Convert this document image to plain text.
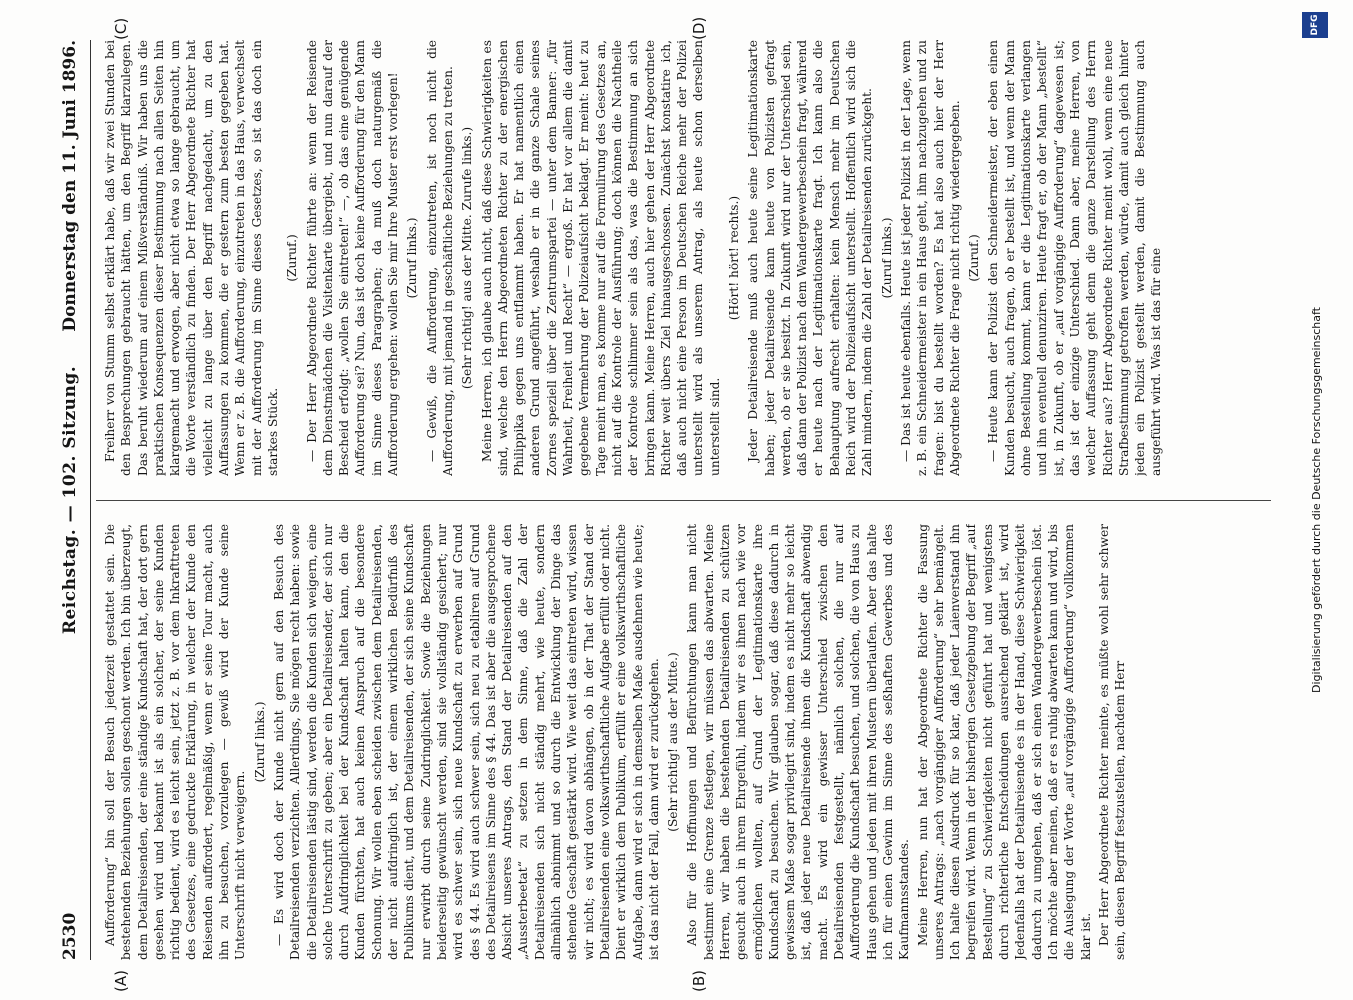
2530
Reichstag. — 102. Sitzung.
Donnerstag den 11. Juni 1896.
(A)	(B)
(C)	(D)

Aufforderung“ bin soll der Besuch jederzeit gestattet sein. Die bestehenden Beziehungen sollen geschont werden. Ich bin überzeugt, dem Detailreisenden, der eine ständige Kundschaft hat, der dort gern gesehen wird und bekannt ist als ein solcher, der seine Kunden richtig bedient, wird es leicht sein, jetzt z. B. vor dem Inkrafttreten des Gesetzes, eine gedruckte Erklärung, in welcher der Kunde den Reisenden auffordert, regelmäßig, wenn er seine Tour macht, auch ihn zu besuchen, vorzulegen — gewiß wird der Kunde seine Unterschrift nicht verweigern.

(Zuruf links.) — Es wird doch der Kunde nicht gern auf den Besuch des Detailreisenden verzichten. Allerdings, Sie mögen recht haben: sowie die Detailreisenden lästig sind, werden die Kunden sich weigern, eine solche Unterschrift zu geben; aber ein Detailreisender, der sich nur durch Aufdringlichkeit bei der Kundschaft halten kann, den die Kunden fürchten, hat auch keinen Anspruch auf die besondere Schonung. Wir wollen eben scheiden zwischen dem Detailreisenden, der nicht aufdringlich ist, der einem wirklichen Bedürfniß des Publikums dient, und dem Detailreisenden, der sich seine Kundschaft nur erwirbt durch seine Zudringlichkeit. Sowie die Beziehungen beiderseitig gewünscht werden, sind sie vollständig gesichert; nur wird es schwer sein, sich neue Kundschaft zu erwerben auf Grund des § 44. Es wird auch schwer sein, sich neu zu etabliren auf Grund des Detailreisens im Sinne des § 44. Das ist aber die ausgesprochene Absicht unseres Antrags, den Stand der Detailreisenden auf den „Aussterbeetat“ zu setzen in dem Sinne, daß die Zahl der Detailreisenden sich nicht ständig mehrt, wie heute, sondern allmählich abnimmt und so durch die Entwicklung der Dinge das stehende Geschäft gestärkt wird. Wie weit das eintreten wird, wissen wir nicht; es wird davon abhängen, ob in der That der Stand der Detailreisenden eine volkswirthschaftliche Aufgabe erfüllt oder nicht. Dient er wirklich dem Publikum, erfüllt er eine volkswirthschaftliche Aufgabe, dann wird er sich in demselben Maße ausdehnen wie heute; ist das nicht der Fall, dann wird er zurückgehen. (Sehr richtig! aus der Mitte.) Also für die Hoffnungen und Befürchtungen kann man nicht bestimmt eine Grenze festlegen, wir müssen das abwarten. Meine Herren, wir haben die bestehenden Detailreisenden zu schützen gesucht auch in ihrem Ehrgefühl, indem wir es ihnen nach wie vor ermöglichen wollten, auf Grund der Legitimationskarte ihre Kundschaft zu besuchen. Wir glauben sogar, daß diese dadurch in gewissem Maße sogar privilegirt sind, indem es nicht mehr so leicht ist, daß jeder neue Detailreisende ihnen die Kundschaft abwendig macht. Es wird ein gewisser Unterschied zwischen den Detailreisenden festgestellt, nämlich solchen, die nur auf Aufforderung die Kundschaft besuchen, und solchen, die von Haus zu Haus gehen und jeden mit ihren Mustern überlaufen. Aber das halte ich für einen Gewinn im Sinne des seßhaften Gewerbes und des Kaufmannsstandes. Meine Herren, nun hat der Abgeordnete Richter die Fassung unseres Antrags: „nach vorgängiger Aufforderung“ sehr bemängelt. Ich halte diesen Ausdruck für so klar, daß jeder Laienverstand ihn begreifen wird. Wenn in der bisherigen Gesetzgebung der Begriff „auf Bestellung“ zu Schwierigkeiten nicht geführt hat und wenigstens durch richterliche Entscheidungen ausreichend geklärt ist, wird Jedenfalls hat der Detailreisende es in der Hand, diese Schwierigkeit dadurch zu umgehen, daß er sich einen Wandergewerbeschein löst. Ich möchte aber meinen, daß er es ruhig abwarten kann und wird, bis die Auslegung der Worte „auf vorgängige Aufforderung“ vollkommen klar ist. Der Herr Abgeordnete Richter meinte, es müßte wohl sehr schwer sein, diesen Begriff festzustellen, nachdem Herr

Freiherr von Stumm selbst erklärt habe, daß wir zwei Stunden bei den Besprechungen gebraucht hätten, um den Begriff klarzulegen. Das beruht wiederum auf einem Mißverständniß. Wir haben uns die praktischen Konsequenzen dieser Bestimmung nach allen Seiten hin klargemacht und erwogen, aber nicht etwa so lange gebraucht, um die Worte verständlich zu finden. Der Herr Abgeordnete Richter hat vielleicht zu lange über den Begriff nachgedacht, um zu den Auffassungen zu kommen, die er gestern zum besten gegeben hat. Wenn er z. B. die Aufforderung, einzutreten in das Haus, verwechselt mit der Aufforderung im Sinne dieses Gesetzes, so ist das doch ein starkes Stück.

(Zuruf.) — Der Herr Abgeordnete Richter führte an: wenn der Reisende dem Dienstmädchen die Visitenkarte übergiebt, und nun darauf der Bescheid erfolgt: „wollen Sie eintreten!“ —, ob das eine genügende Aufforderung sei? Nun, das ist doch keine Aufforderung für den Mann im Sinne dieses Paragraphen; da muß doch naturgemäß die Aufforderung ergehen: wollen Sie mir Ihre Muster erst vorlegen! (Zuruf links.) — Gewiß, die Aufforderung, einzutreten, ist noch nicht die Aufforderung, mit jemand in geschäftliche Beziehungen zu treten. (Sehr richtig! aus der Mitte. Zurufe links.) Meine Herren, ich glaube auch nicht, daß diese Schwierigkeiten es sind, welche den Herrn Abgeordneten Richter zu der energischen Philippika gegen uns entflammt haben. Er hat namentlich einen anderen Grund angeführt, weshalb er in die ganze Schale seines Zornes speziell über die Zentrumspartei — unter dem Banner: „für Wahrheit, Freiheit und Recht“ — ergoß. Er hat vor allem die damit gegebene Vermehrung der Polizeiaufsicht beklagt. Er meint: heut zu Tage meint man, es komme nur auf die Formulirung des Gesetzes an, nicht auf die Kontrole der Ausführung; doch können die Nachtheile der Kontrole schlimmer sein als das, was die Bestimmung an sich bringen kann. Meine Herren, auch hier gehen der Herr Abgeordnete Richter weit übers Ziel hinausgeschossen. Zunächst konstatire ich, daß auch nicht eine Person im Deutschen Reiche mehr der Polizei unterstellt wird als unserem Antrag, als heute schon derselben unterstellt sind.

(Hört! hört! rechts.) Jeder Detailreisende muß auch heute seine Legitimationskarte haben; jeder Detailreisende kann heute von Polizisten gefragt werden, ob er sie besitzt. In Zukunft wird nur der Unterschied sein, daß dann der Polizist nach dem Wandergewerbeschein fragt, während er heute nach der Legitimationskarte fragt. Ich kann also die Behauptung aufrecht erhalten: kein Mensch mehr im Deutschen Reich wird der Polizeiaufsicht unterstellt. Hoffentlich wird sich die Zahl mindern, indem die Zahl der Detailreisenden zurückgeht. (Zuruf links.) — Das ist heute ebenfalls. Heute ist jeder Polizist in der Lage, wenn z. B. ein Schneidermeister in ein Haus geht, ihm nachzugehen und zu fragen: bist du bestellt worden? Es hat also auch hier der Herr Abgeordnete Richter die Frage nicht richtig wiedergegeben. (Zuruf.) — Heute kann der Polizist den Schneidermeister, der eben einen Kunden besucht, auch fragen, ob er bestellt ist, und wenn der Mann ohne Bestellung kommt, kann er die Legitimationskarte verlangen und ihn eventuell denunziren. Heute fragt er, ob der Mann „bestellt“ ist, in Zukunft, ob er „auf vorgängige Aufforderung“ dagewesen ist; das ist der einzige Unterschied. Dann aber, meine Herren, von welcher Auffassung geht denn die ganze Darstellung des Herrn Richter aus? Herr Abgeordnete Richter meint wohl, wenn eine neue Strafbestimmung getroffen werden, würde, damit auch gleich hinter jeden ein Polizist gestellt werden, damit die Bestimmung auch ausgeführt wird. Was ist das für eine	Digitalisierung gefördert durch die Deutsche Forschungsgemeinschaft
DFG
